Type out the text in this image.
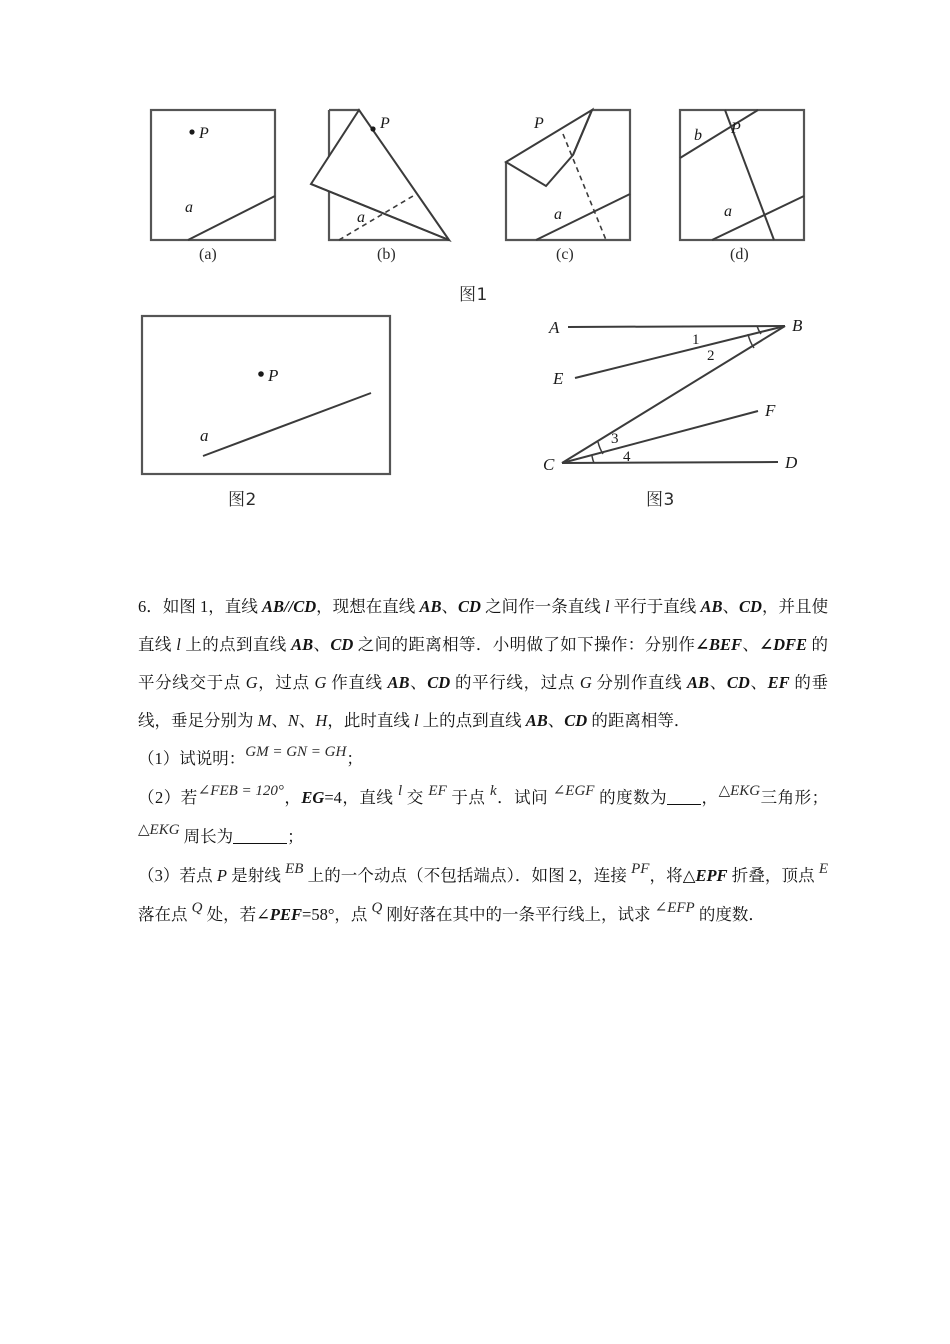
P
a
P
a
P
a
b P
a
P
a
A	B
E
F
D
C
1
2
3
4
(a)	(b)	(c)	(d)
图1
图2	图3

6．如图 1，直线 AB//CD，现想在直线 AB、CD 之间作一条直线 l 平行于直线 AB、CD，并且使直线 l 上的点到直线 AB、CD 之间的距离相等．小明做了如下操作：分别作∠BEF、∠DFE 的平分线交于点 G，过点 G 作直线 AB、CD 的平行线，过点 G 分别作直线 AB、CD、EF 的垂线，垂足分别为 M、N、H，此时直线 l 上的点到直线 AB、CD 的距离相等．

（1）试说明：GM = GN = GH；

（2）若∠FEB = 120°，EG=4，直线 l 交 EF 于点 k．试问 ∠EGF 的度数为 ，△EKG三角形；△EKG 周长为	；

（3）若点 P 是射线 EB 上的一个动点（不包括端点）．如图 2，连接 PF，将△EPF 折叠，顶点 E 落在点 Q 处，若∠PEF=58°，点 Q 刚好落在其中的一条平行线上，试求 ∠EFP 的度数．
